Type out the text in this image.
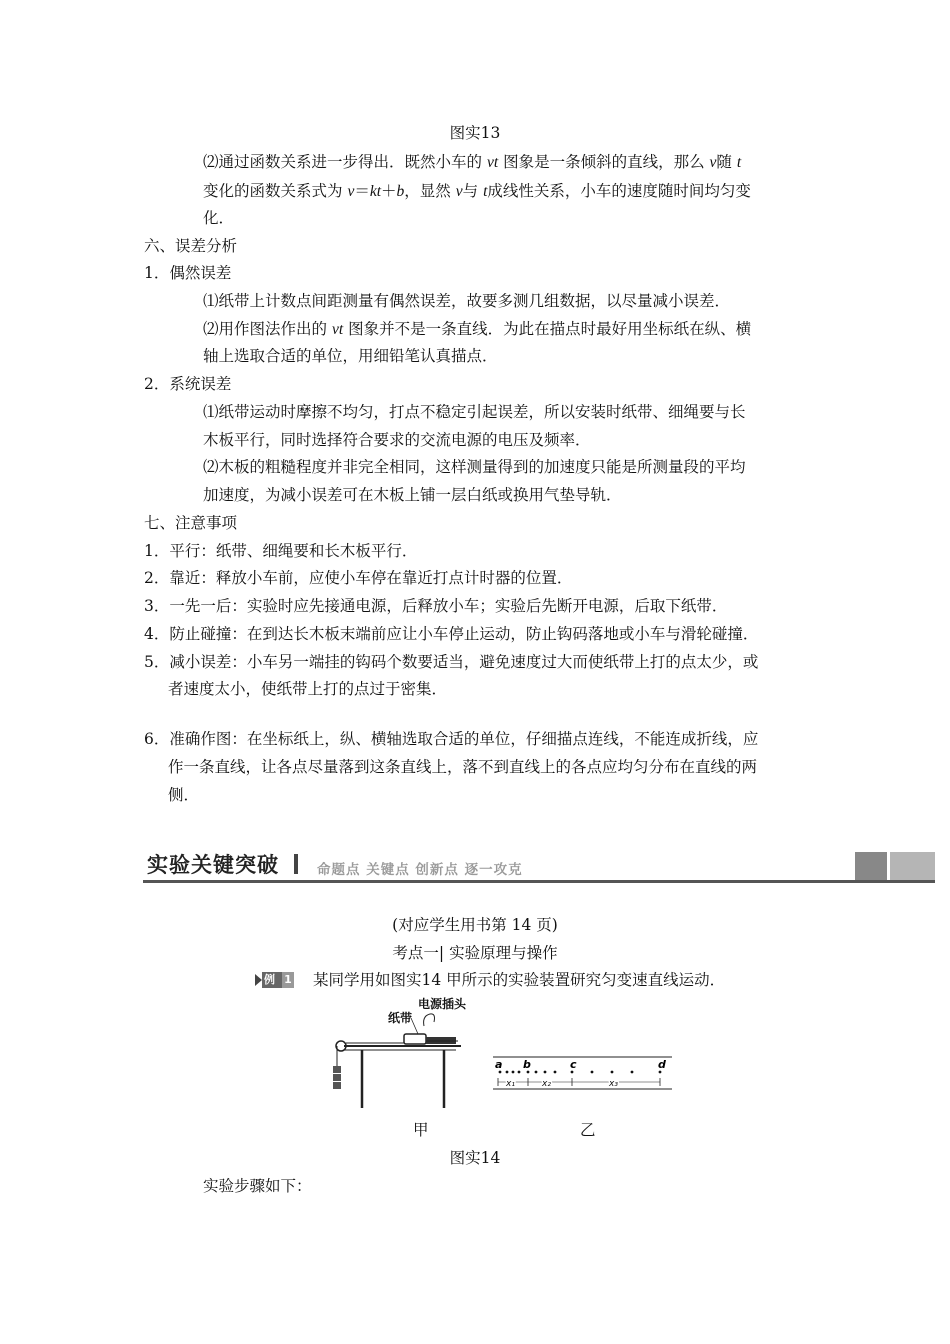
图实13
⑵通过函数关系进一步得出．既然小车的 vt 图象是一条倾斜的直线，那么 v随 t
变化的函数关系式为 v＝kt＋b，显然 v与 t成线性关系，小车的速度随时间均匀变
化．
六、误差分析
1．偶然误差
⑴纸带上计数点间距测量有偶然误差，故要多测几组数据，以尽量减小误差．
⑵用作图法作出的 vt 图象并不是一条直线．为此在描点时最好用坐标纸在纵、横
轴上选取合适的单位，用细铅笔认真描点．
2．系统误差
⑴纸带运动时摩擦不均匀，打点不稳定引起误差，所以安装时纸带、细绳要与长
木板平行，同时选择符合要求的交流电源的电压及频率．
⑵木板的粗糙程度并非完全相同，这样测量得到的加速度只能是所测量段的平均
加速度，为减小误差可在木板上铺一层白纸或换用气垫导轨．
七、注意事项
1．平行：纸带、细绳要和长木板平行．
2．靠近：释放小车前，应使小车停在靠近打点计时器的位置．
3．一先一后：实验时应先接通电源，后释放小车；实验后先断开电源，后取下纸带．
4．防止碰撞：在到达长木板末端前应让小车停止运动，防止钩码落地或小车与滑轮碰撞．
5．减小误差：小车另一端挂的钩码个数要适当，避免速度过大而使纸带上打的点太少，或
者速度太小，使纸带上打的点过于密集．
6．准确作图：在坐标纸上，纵、横轴选取合适的单位，仔细描点连线，不能连成折线，应
作一条直线，让各点尽量落到这条直线上，落不到直线上的各点应均匀分布在直线的两
侧．
实验关键突破	命题点 关键点 创新点 逐一攻克
(对应学生用书第 14 页)
考点一| 实验原理与操作
例 1 某同学用如图实14 甲所示的实验装置研究匀变速直线运动．
纸带
电源插头
a b	c	d
x₁	x₂	x₃
甲	乙
图实14
实验步骤如下：
